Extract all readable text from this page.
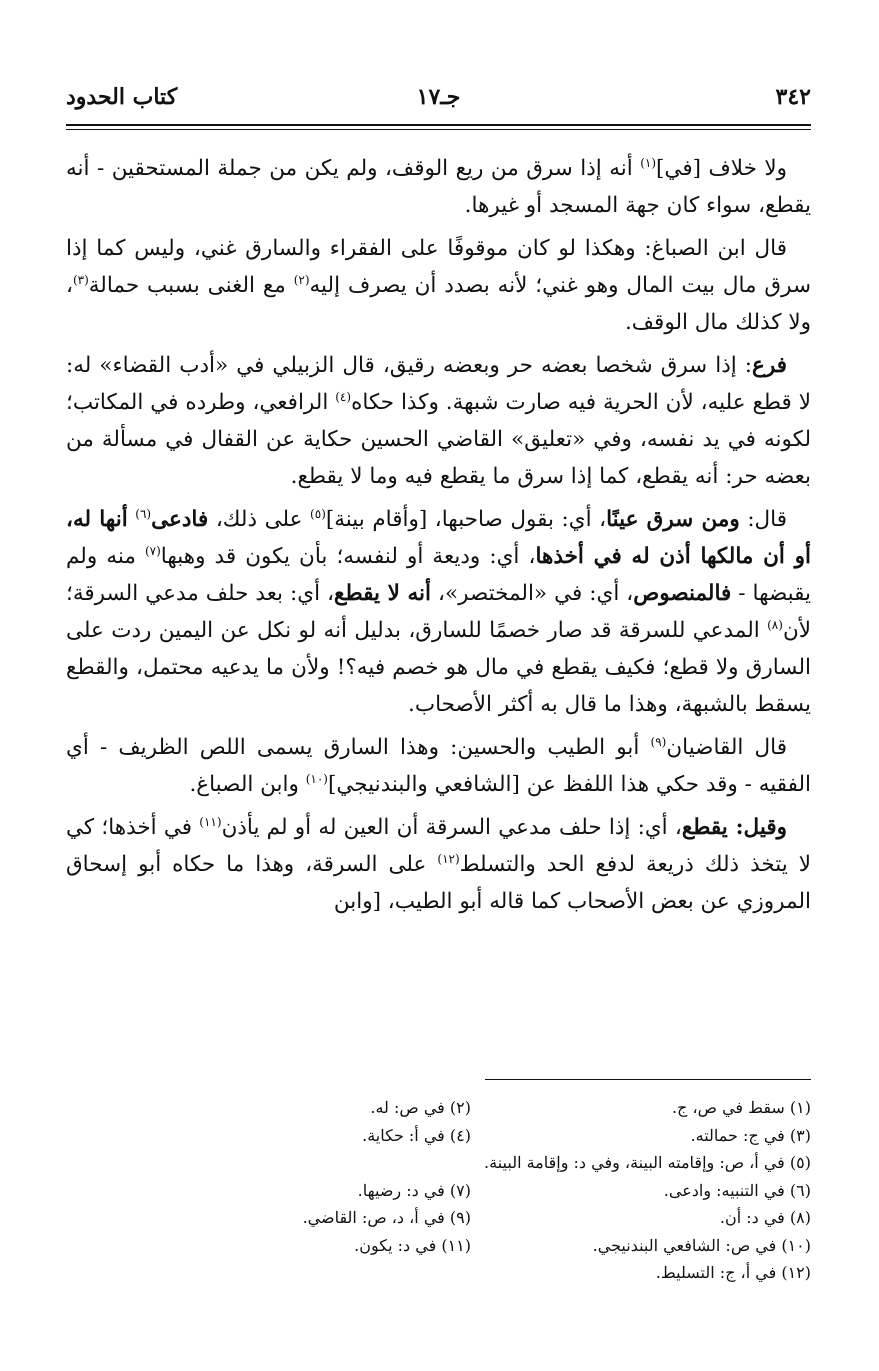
٣٤٢
جـ١٧
كتاب الحدود

ولا خلاف [في]$^{(١)}$ أنه إذا سرق من ريع الوقف، ولم يكن من جملة المستحقين - أنه يقطع، سواء كان جهة المسجد أو غيرها.

قال ابن الصباغ: وهكذا لو كان موقوفًا على الفقراء والسارق غني، وليس كما إذا سرق مال بيت المال وهو غني؛ لأنه بصدد أن يصرف إليه$^{(٢)}$ مع الغنى بسبب حمالة$^{(٣)}$، ولا كذلك مال الوقف.

فرع: إذا سرق شخصا بعضه حر وبعضه رقيق، قال الزبيلي في «أدب القضاء» له: لا قطع عليه، لأن الحرية فيه صارت شبهة. وكذا حكاه$^{(٤)}$ الرافعي، وطرده في المكاتب؛ لكونه في يد نفسه، وفي «تعليق» القاضي الحسين حكاية عن القفال في مسألة من بعضه حر: أنه يقطع، كما إذا سرق ما يقطع فيه وما لا يقطع.

قال: ومن سرق عينًا، أي: بقول صاحبها، [وأقام بينة]$^{(٥)}$ على ذلك، فادعى$^{(٦)}$ أنها له، أو أن مالكها أذن له في أخذها، أي: وديعة أو لنفسه؛ بأن يكون قد وهبها$^{(٧)}$ منه ولم يقبضها - فالمنصوص، أي: في «المختصر»، أنه لا يقطع، أي: بعد حلف مدعي السرقة؛ لأن$^{(٨)}$ المدعي للسرقة قد صار خصمًا للسارق، بدليل أنه لو نكل عن اليمين ردت على السارق ولا قطع؛ فكيف يقطع في مال هو خصم فيه؟! ولأن ما يدعيه محتمل، والقطع يسقط بالشبهة، وهذا ما قال به أكثر الأصحاب.

قال القاضيان$^{(٩)}$ أبو الطيب والحسين: وهذا السارق يسمى اللص الظريف - أي الفقيه - وقد حكي هذا اللفظ عن [الشافعي والبندنيجي]$^{(١٠)}$ وابن الصباغ.

وقيل: يقطع، أي: إذا حلف مدعي السرقة أن العين له أو لم يأذن$^{(١١)}$ في أخذها؛ كي لا يتخذ ذلك ذريعة لدفع الحد والتسلط$^{(١٢)}$ على السرقة، وهذا ما حكاه أبو إسحاق المروزي عن بعض الأصحاب كما قاله أبو الطيب، [وابن

(١) سقط في ص، ج.
(٢) في ص: له.
(٣) في ج: حمالته.
(٤) في أ: حكاية.
(٥) في أ، ص: وإقامته البينة، وفي د: وإقامة البينة.
(٦) في التنبيه: وادعى.
(٧) في د: رضيها.
(٨) في د: أن.
(٩) في أ، د، ص: القاضي.
(١٠) في ص: الشافعي البندنيجي.
(١١) في د: يكون.
(١٢) في أ، ج: التسليط.
